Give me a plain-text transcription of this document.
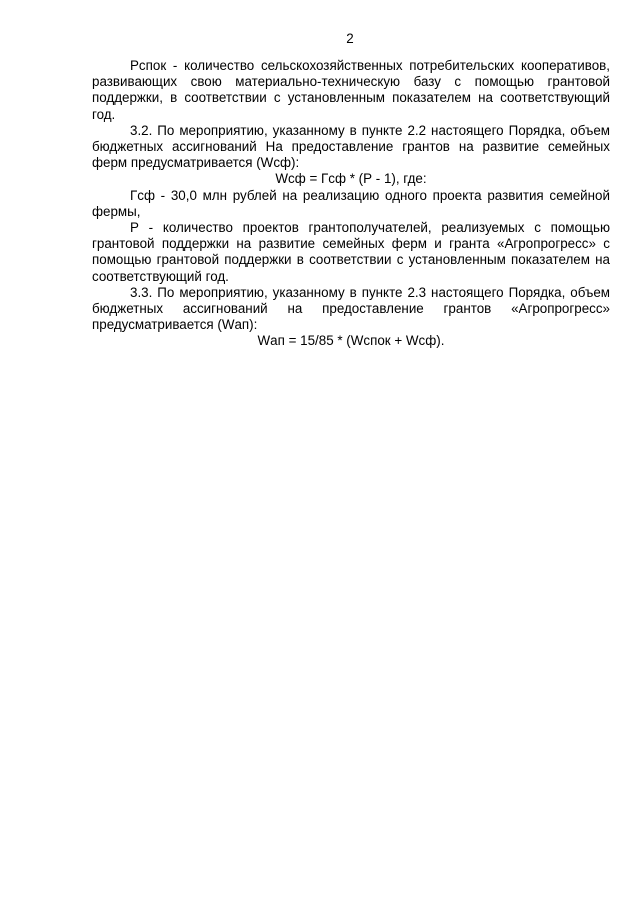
2

Рспок - количество сельскохозяйственных потребительских кооперативов, развивающих свою материально-техническую базу с помощью грантовой поддержки, в соответствии с установленным показателем на соответствующий год.

3.2. По мероприятию, указанному в пункте 2.2 настоящего Порядка, объем бюджетных ассигнований На предоставление грантов на развитие семейных ферм предусматривается (Wсф):

Wсф = Гсф * (Р - 1), где:

Гсф - 30,0 млн рублей на реализацию одного проекта развития семейной фермы,

Р - количество проектов грантополучателей, реализуемых с помощью грантовой поддержки на развитие семейных ферм и гранта «Агропрогресс» с помощью грантовой поддержки в соответствии с установленным показателем на соответствующий год.

3.3. По мероприятию, указанному в пункте 2.3 настоящего Порядка, объем бюджетных ассигнований на предоставление грантов «Агропрогресс» предусматривается (Wап):

Wап = 15/85 * (Wспок + Wсф).
